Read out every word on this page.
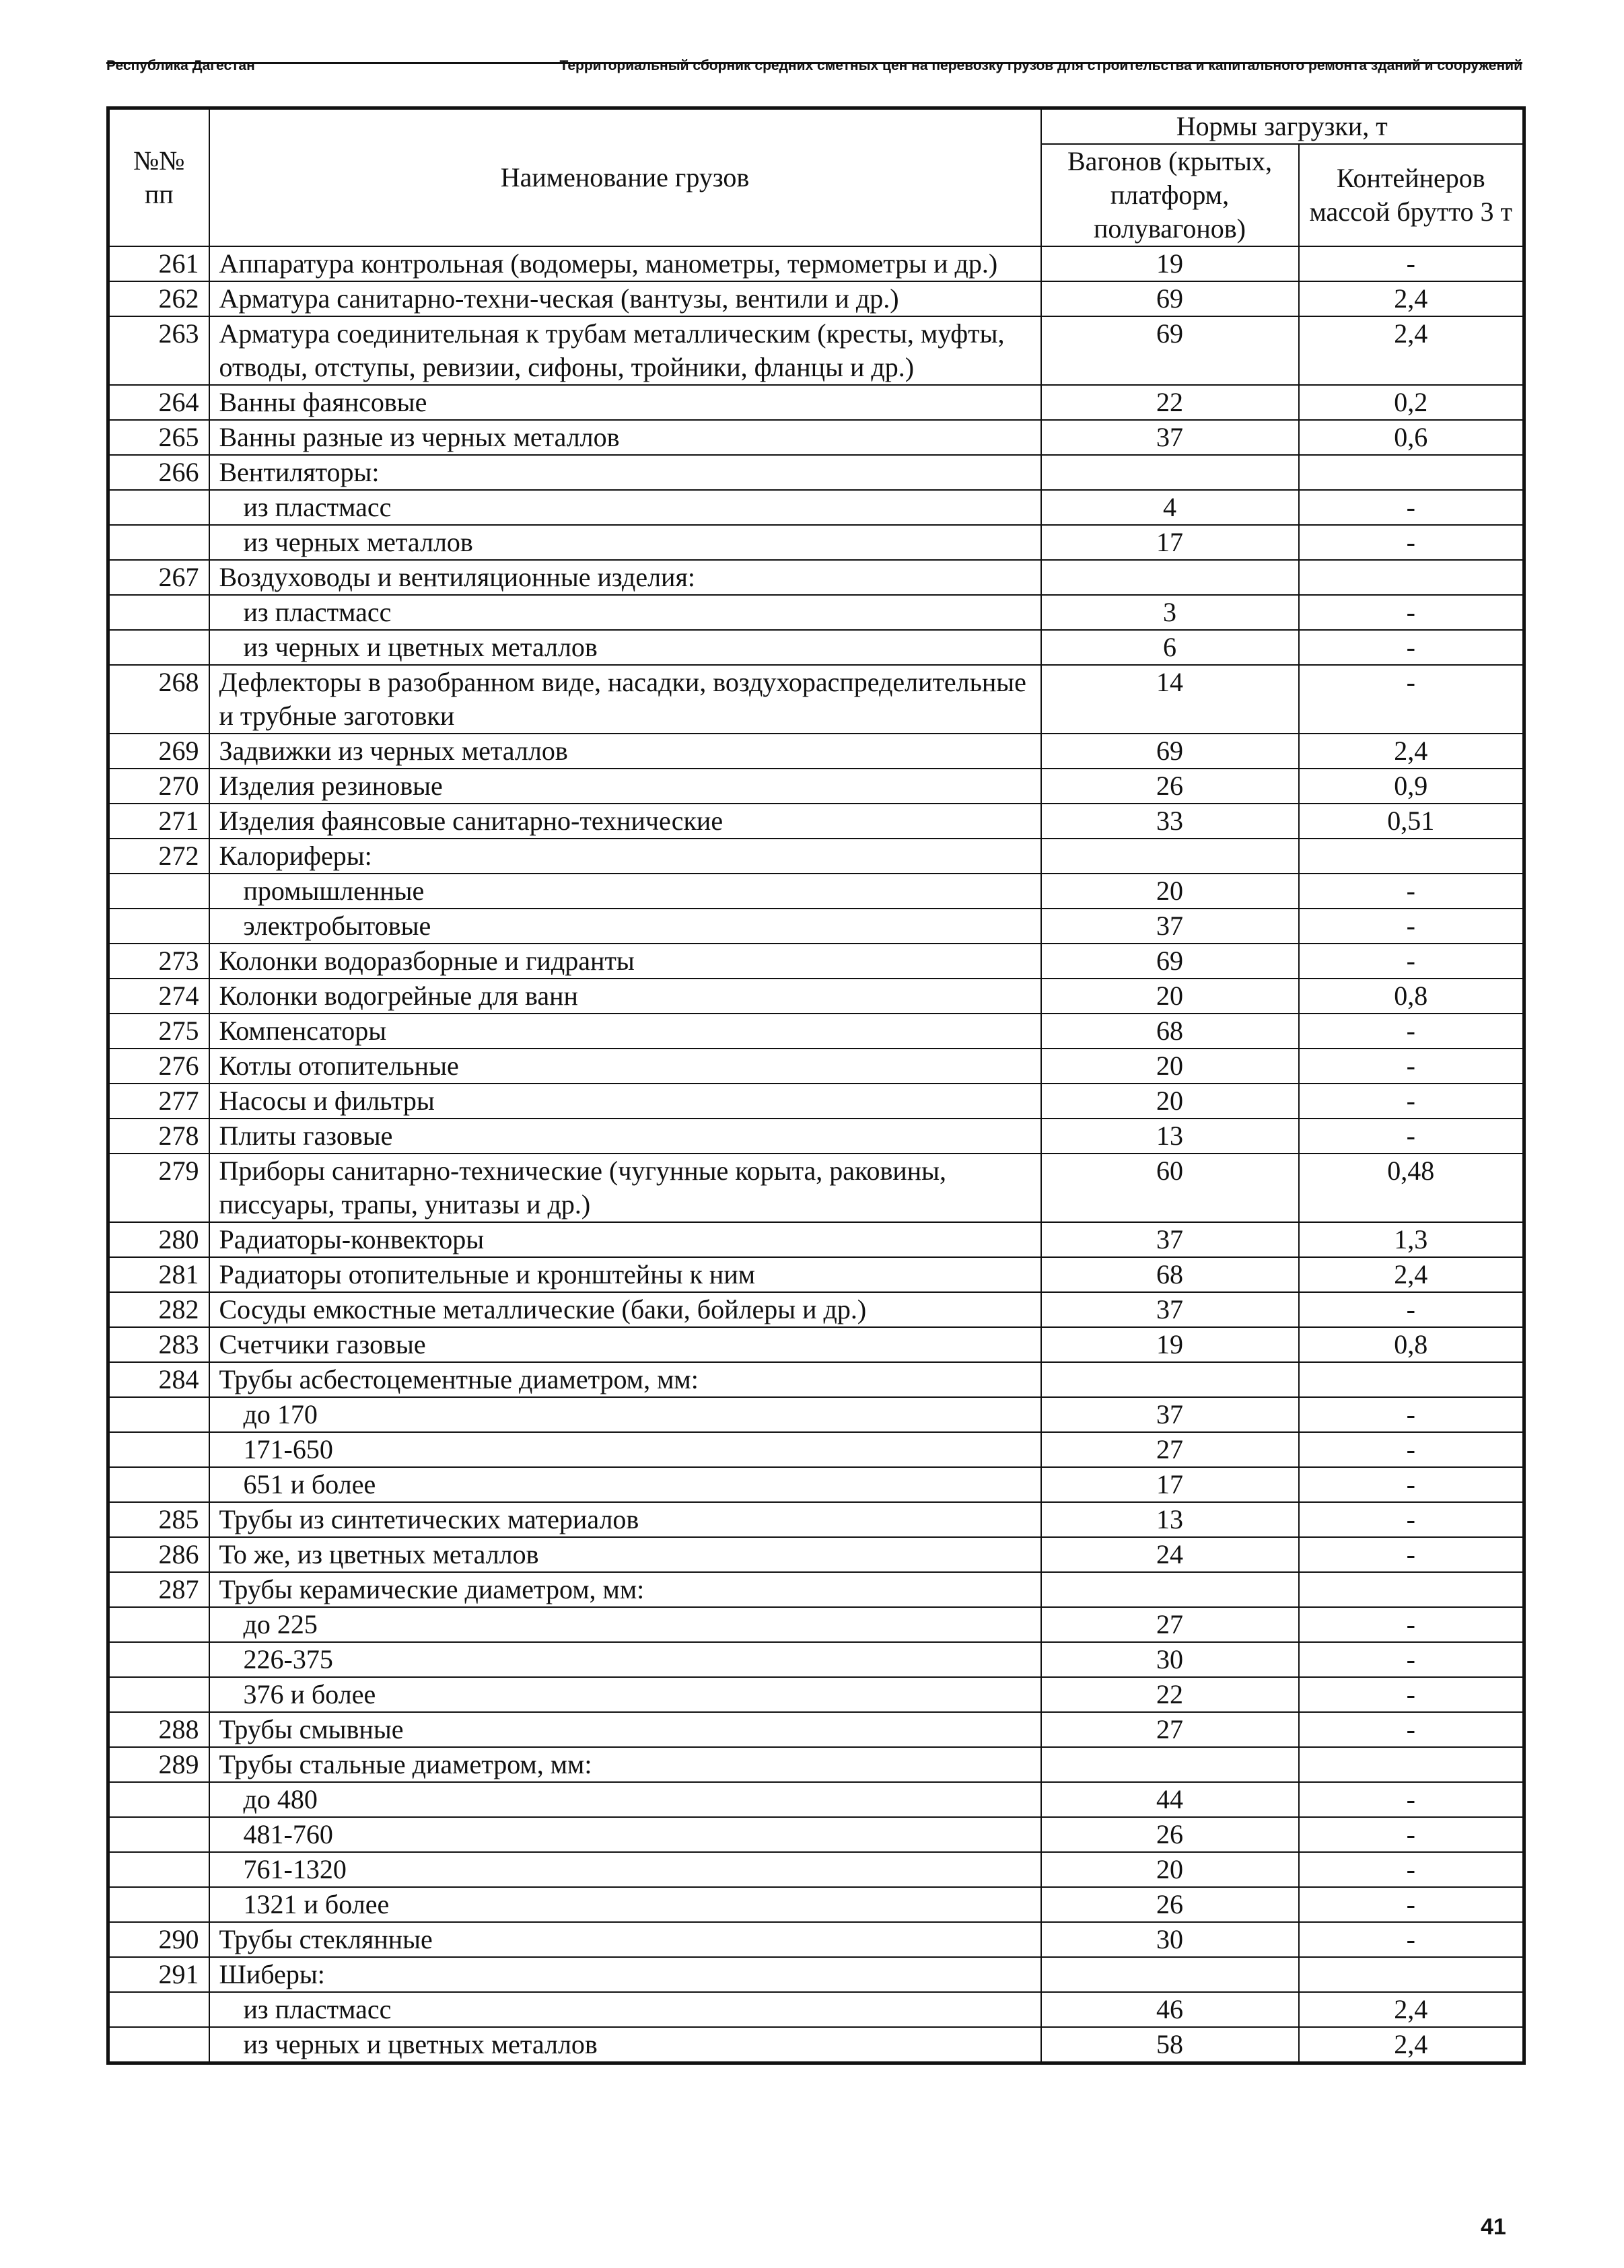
Республика Дагестан	Территориальный сборник средних сметных цен на перевозку грузов для строительства и капитального ремонта зданий и сооружений
№№ пп	Наименование грузов	Нормы загрузки, т	
		Вагонов (крытых, платформ, полувагонов)	Контейнеров массой брутто 3 т
261	Аппаратура контрольная (водомеры, манометры, термометры и др.)	19	-
262	Арматура санитарно-техни-ческая (вантузы, вентили и др.)	69	2,4
263	Арматура соединительная к трубам металлическим (кресты, муфты, отводы, отступы, ревизии, сифоны, тройники, фланцы и др.)	69	2,4
264	Ванны фаянсовые	22	0,2
265	Ванны разные из черных металлов	37	0,6
266	Вентиляторы:		
	из пластмасс	4	-
	из черных металлов	17	-
267	Воздуховоды и вентиляционные изделия:		
	из пластмасс	3	-
	из черных и цветных металлов	6	-
268	Дефлекторы в разобранном виде, насадки, воздухораспределительные и трубные заготовки	14	-
269	Задвижки из черных металлов	69	2,4
270	Изделия резиновые	26	0,9
271	Изделия фаянсовые санитарно-технические	33	0,51
272	Калориферы:		
	промышленные	20	-
	электробытовые	37	-
273	Колонки водоразборные и гидранты	69	-
274	Колонки водогрейные для ванн	20	0,8
275	Компенсаторы	68	-
276	Котлы отопительные	20	-
277	Насосы и фильтры	20	-
278	Плиты газовые	13	-
279	Приборы санитарно-технические (чугунные корыта, раковины, писсуары, трапы, унитазы и др.)	60	0,48
280	Радиаторы-конвекторы	37	1,3
281	Радиаторы отопительные и кронштейны к ним	68	2,4
282	Сосуды емкостные металлические (баки, бойлеры и др.)	37	-
283	Счетчики газовые	19	0,8
284	Трубы асбестоцементные диаметром, мм:		
	до 170	37	-
	171-650	27	-
	651 и более	17	-
285	Трубы из синтетических материалов	13	-
286	То же, из цветных металлов	24	-
287	Трубы керамические диаметром, мм:		
	до 225	27	-
	226-375	30	-
	376 и более	22	-
288	Трубы смывные	27	-
289	Трубы стальные диаметром, мм:		
	до 480	44	-
	481-760	26	-
	761-1320	20	-
	1321 и более	26	-
290	Трубы стеклянные	30	-
291	Шиберы:		
	из пластмасс	46	2,4
	из черных и цветных металлов	58	2,4
41
